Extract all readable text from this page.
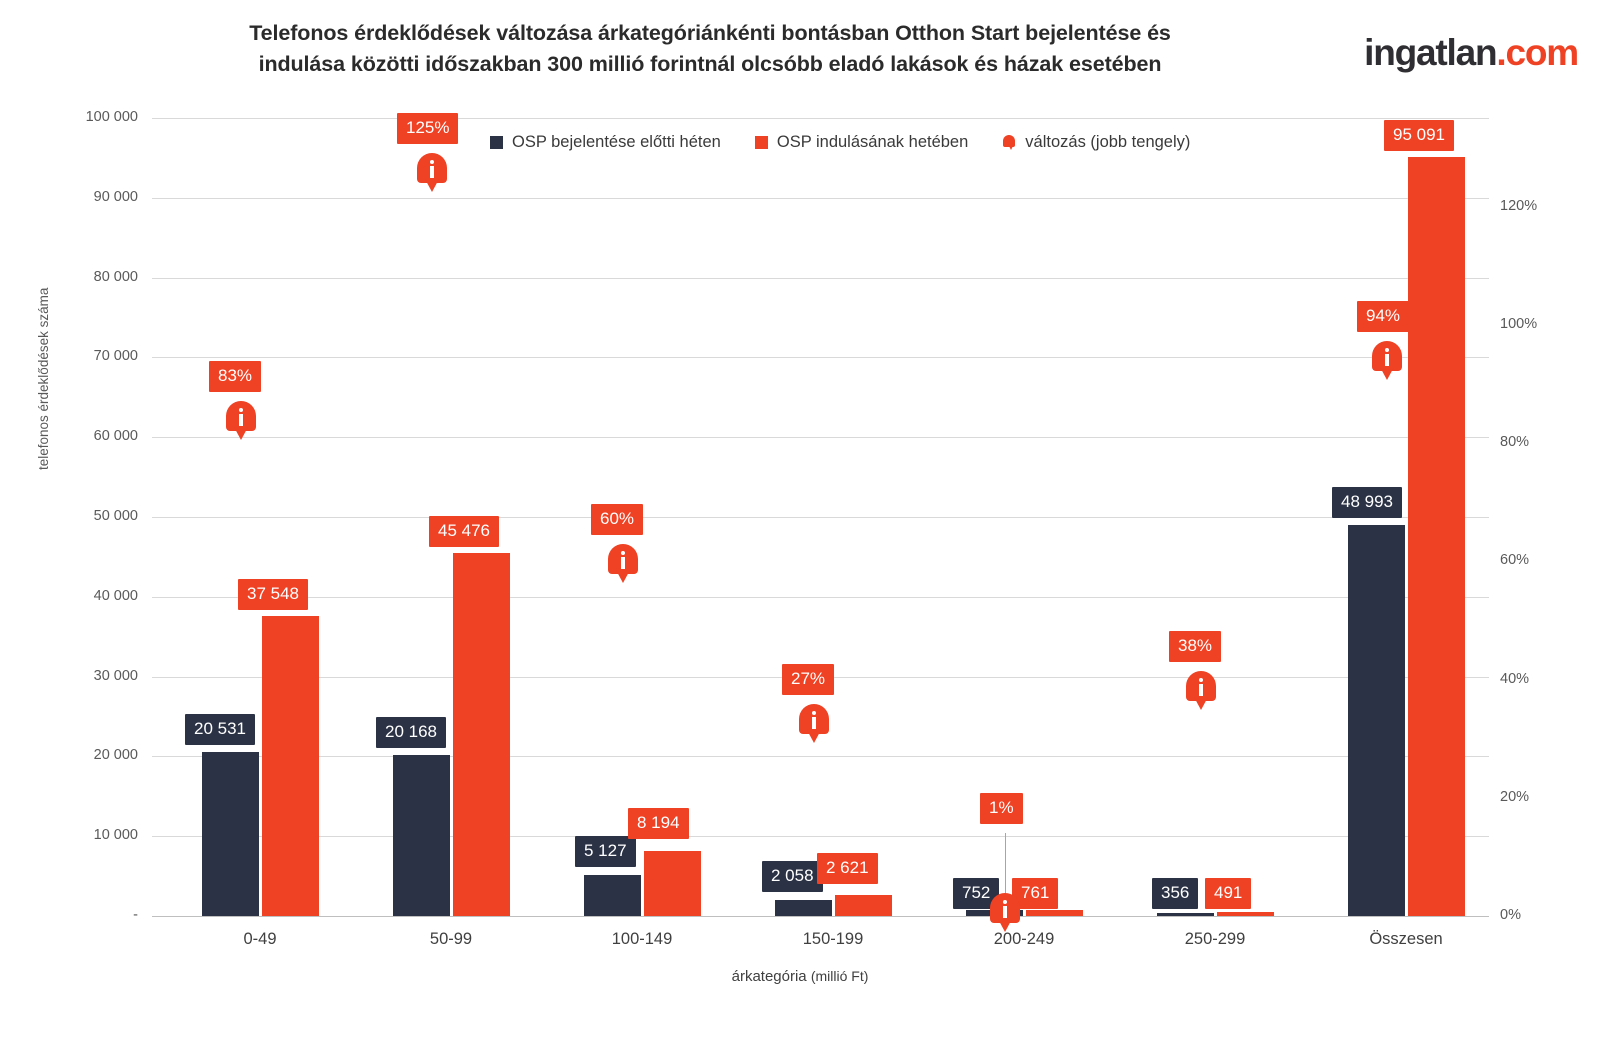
Telefonos érdeklődések változása árkategóriánkénti bontásban Otthon Start bejelentése és
indulása közötti időszakban 300 millió forintnál olcsóbb eladó lakások és házak esetében	ingatlan.com
OSP bejelentése előtti héten	OSP indulásának hetében	változás (jobb tengely)
telefonos érdeklődések száma
100 000
90 000
80 000
70 000
60 000
50 000
40 000
30 000
20 000
10 000
-
120%
100%
80%
60%
40%
20%
0%
20 531
37 548
83%
20 168
45 476
125%
5 127
8 194
60%
2 058 2 621
27%
752	761
1%
356	491
38%
48 993
95 091
94%
0-49	50-99	100-149	150-199	200-249	250-299	Összesen
árkategória (millió Ft)
